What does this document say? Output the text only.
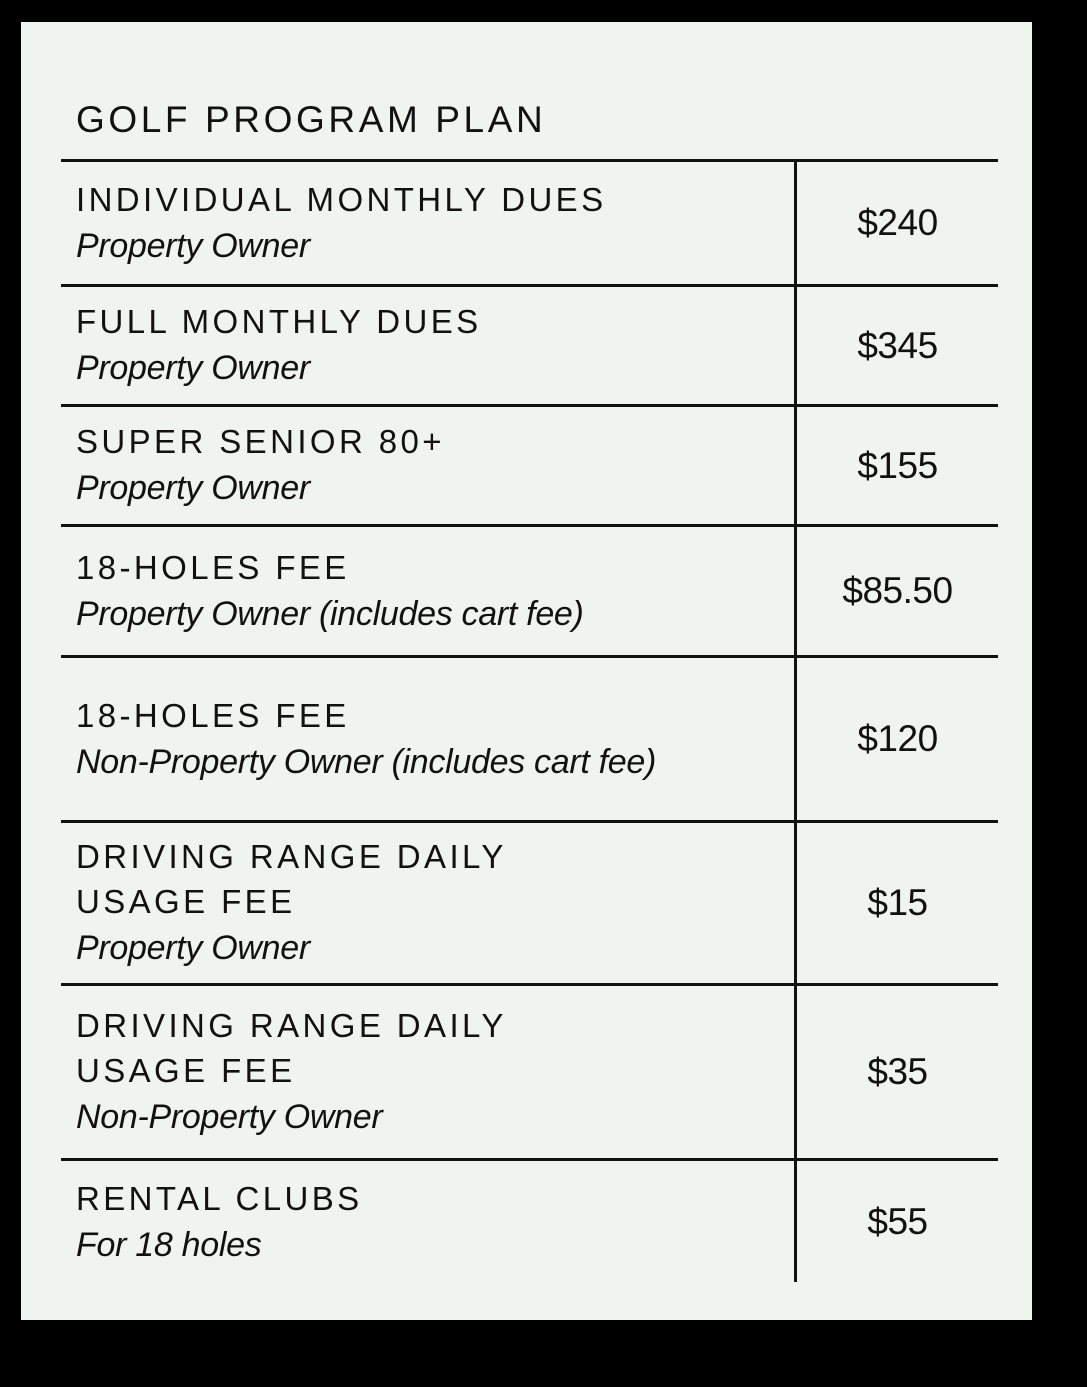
GOLF PROGRAM PLAN
INDIVIDUAL MONTHLY DUES
Property Owner
$240
FULL MONTHLY DUES
Property Owner
$345
SUPER SENIOR 80+
Property Owner
$155
18-HOLES FEE
Property Owner (includes cart fee)
$85.50
18-HOLES FEE
Non-Property Owner (includes cart fee)
$120
DRIVING RANGE DAILY
USAGE FEE
Property Owner
$15
DRIVING RANGE DAILY
USAGE FEE
Non-Property Owner
$35
RENTAL CLUBS
For 18 holes
$55
